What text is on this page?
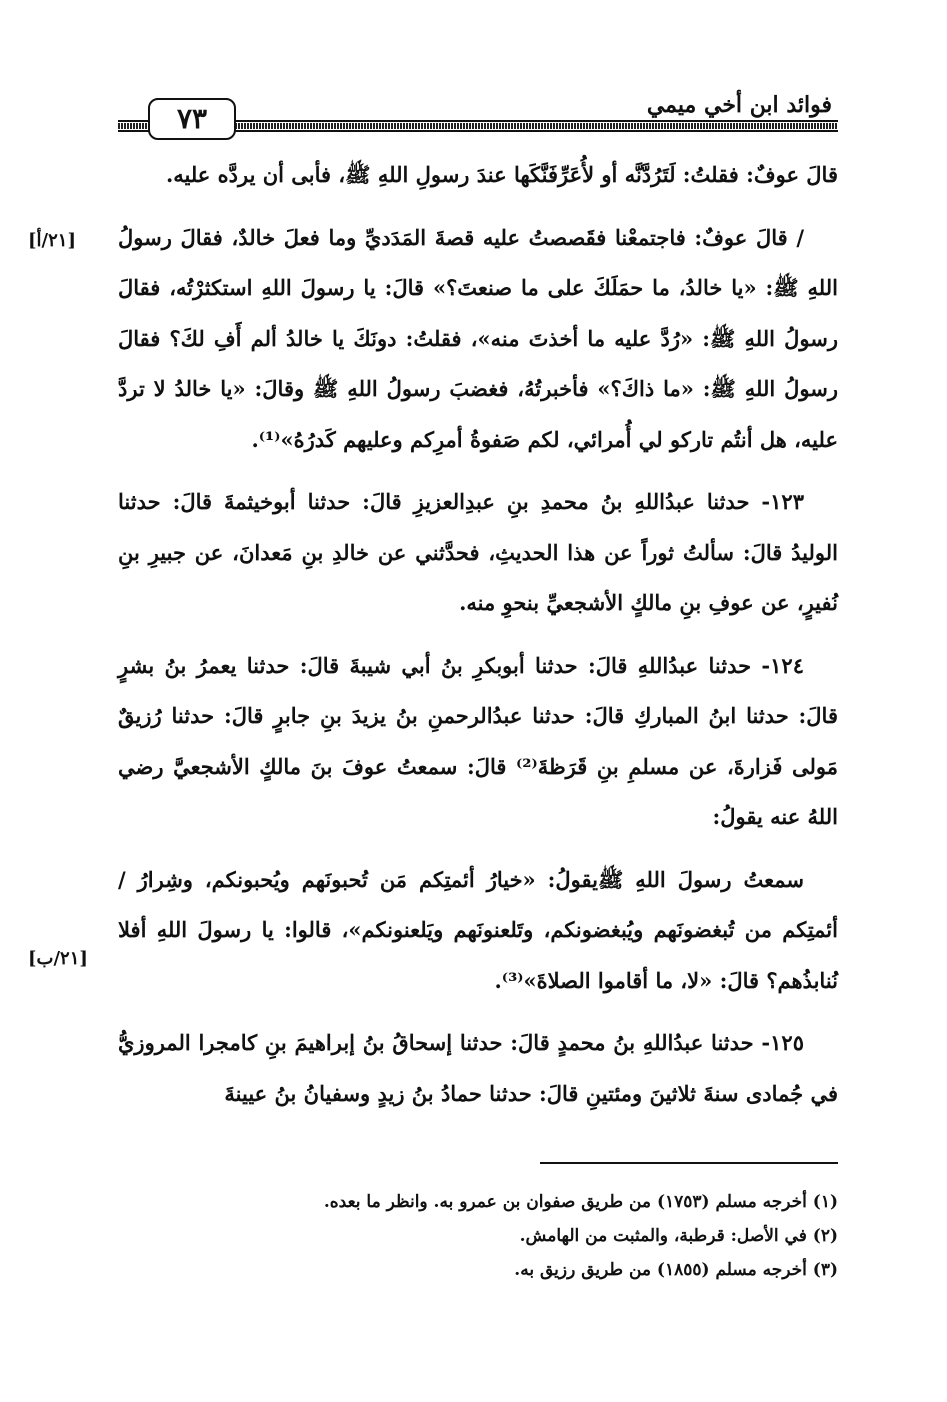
٧٣	فوائد ابن أخي ميمي
[٢١/أ]
[٢١/ب]

قالَ عوفٌ: فقلتُ: لَتَرُدَّنَّه أو لأُعَرِّفَنَّكَها عندَ رسولِ اللهِ ﷺ، فأبى أن يردَّه عليه.

/ قالَ عوفٌ: فاجتمعْنا فقَصصتُ عليه قصةَ المَدَديِّ وما فعلَ خالدٌ، فقالَ رسولُ اللهِ ﷺ: «يا خالدُ، ما حمَلَكَ على ما صنعتَ؟» قالَ: يا رسولَ اللهِ استكثرْتُه، فقالَ رسولُ اللهِ ﷺ: «رُدَّ عليه ما أخذتَ منه»، فقلتُ: دونَكَ يا خالدُ ألم أَفِ لكَ؟ فقالَ رسولُ اللهِ ﷺ: «ما ذاكَ؟» فأخبرتُهُ، فغضبَ رسولُ اللهِ ﷺ وقالَ: «يا خالدُ لا تردَّ عليه، هل أنتُم تاركو لي أُمرائي، لكم صَفوةُ أمرِكم وعليهم كَدرُهُ»⁽¹⁾.

١٢٣- حدثنا عبدُاللهِ بنُ محمدِ بنِ عبدِالعزيزِ قالَ: حدثنا أبوخيثمةَ قالَ: حدثنا الوليدُ قالَ: سألتُ ثوراً عن هذا الحديثِ، فحدَّثني عن خالدِ بنِ مَعدانَ، عن جبيرِ بنِ نُفيرٍ، عن عوفِ بنِ مالكٍ الأشجعيِّ بنحوِ منه.

١٢٤- حدثنا عبدُاللهِ قالَ: حدثنا أبوبكرِ بنُ أبي شيبةَ قالَ: حدثنا يعمرُ بنُ بشرٍ قالَ: حدثنا ابنُ المباركِ قالَ: حدثنا عبدُالرحمنِ بنُ يزيدَ بنِ جابرٍ قالَ: حدثنا رُزيقٌ مَولى فَزارةَ، عن مسلمِ بنِ قَرَظةَ⁽²⁾ قالَ: سمعتُ عوفَ بنَ مالكٍ الأشجعيَّ رضي اللهُ عنه يقولُ:

سمعتُ رسولَ اللهِ ﷺيقولُ: «خيارُ أئمتِكم مَن تُحبونَهم ويُحبونكم، وشِرارُ / أئمتِكم من تُبغضونَهم ويُبغضونكم، وتَلعنونَهم ويَلعنونكم»، قالوا: يا رسولَ اللهِ أفلا نُنابذُهم؟ قالَ: «لا، ما أقاموا الصلاةَ»⁽³⁾.

١٢٥- حدثنا عبدُاللهِ بنُ محمدٍ قالَ: حدثنا إسحاقُ بنُ إبراهيمَ بنِ كامجرا المروزيُّ في جُمادى سنةَ ثلاثينَ ومئتينِ قالَ: حدثنا حمادُ بنُ زيدٍ وسفيانُ بنُ عيينةَ

(١) أخرجه مسلم (١٧٥٣) من طريق صفوان بن عمرو به. وانظر ما بعده.

(٢) في الأصل: قرطبة، والمثبت من الهامش.

(٣) أخرجه مسلم (١٨٥٥) من طريق رزيق به.
